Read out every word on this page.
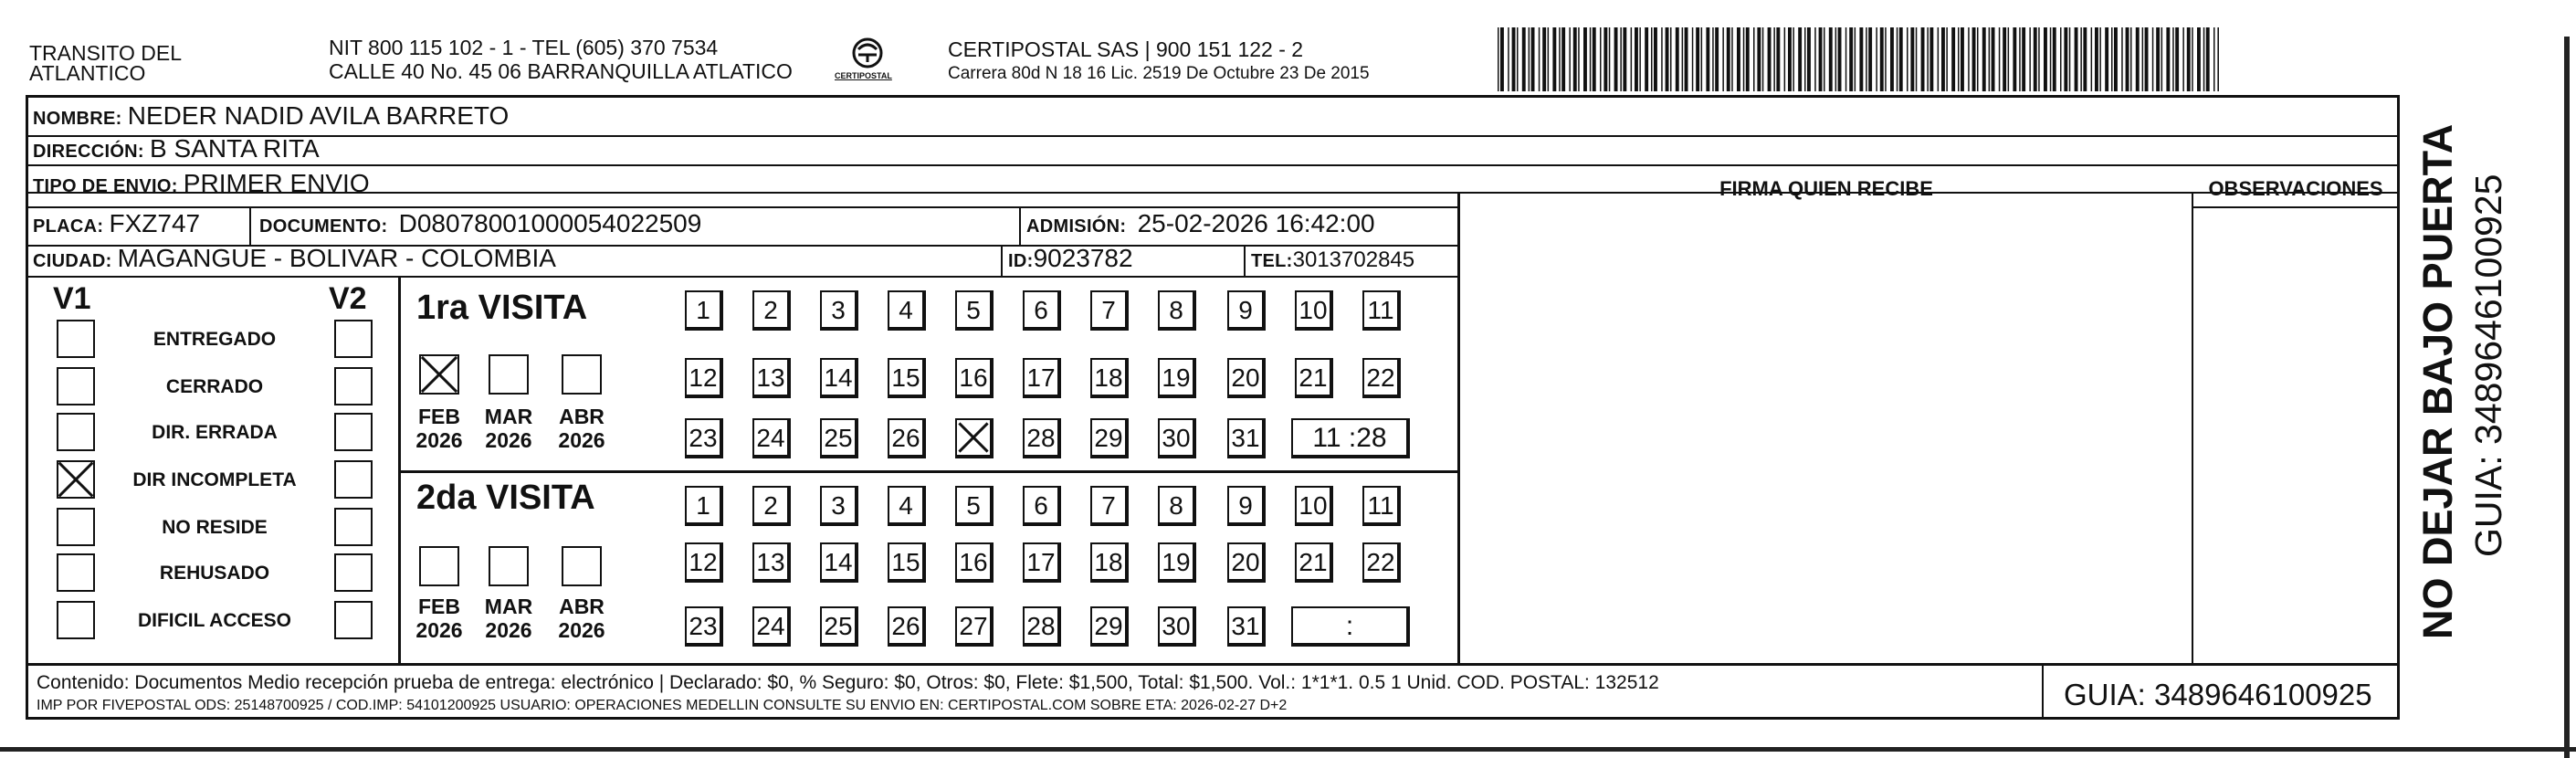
TRANSITO DEL
ATLANTICO
NIT 800 115 102 - 1 - TEL (605) 370 7534
CALLE 40 No. 45 06 BARRANQUILLA ATLATICO	CERTIPOSTAL
CERTIPOSTAL SAS | 900 151 122 - 2
Carrera 80d N 18 16 Lic. 2519 De Octubre 23 De 2015
NOMBRE: NEDER NADID AVILA BARRETO
DIRECCIÓN: B SANTA RITA
TIPO DE ENVIO: PRIMER ENVIO
PLACA: FXZ747	DOCUMENTO: D08078001000054022509	ADMISIÓN: 25-02-2026 16:42:00
CIUDAD: MAGANGUE - BOLIVAR - COLOMBIA	ID:9023782	TEL:3013702845
FIRMA QUIEN RECIBE	OBSERVACIONES
V1	V2
ENTREGADO
CERRADO
DIR. ERRADA
DIR INCOMPLETA
NO RESIDE
REHUSADO
DIFICIL ACCESO
1ra VISITA
FEB
2026
MAR
2026
ABR
2026
1	2	3	4	5	6	7	8	9	10 11
12 13 14 15 16 17 18 19 20 21 22
23 24 25 26	28 29 30 31	11 :28
2da VISITA
FEB
2026
MAR
2026
ABR
2026
1	2	3	4	5	6	7	8	9	10 11
12 13 14 15 16 17 18 19 20 21 22
23 24 25 26 27 28 29 30 31	:	NO DEJAR BAJO PUERTA GUIA: 3489646100925
Contenido: Documentos Medio recepción prueba de entrega: electrónico | Declarado: $0, % Seguro: $0, Otros: $0, Flete: $1,500, Total: $1,500. Vol.: 1*1*1. 0.5 1 Unid. COD. POSTAL: 132512
IMP POR FIVEPOSTAL ODS: 25148700925 / COD.IMP: 54101200925 USUARIO: OPERACIONES MEDELLIN CONSULTE SU ENVIO EN: CERTIPOSTAL.COM SOBRE ETA: 2026-02-27 D+2	GUIA: 3489646100925
